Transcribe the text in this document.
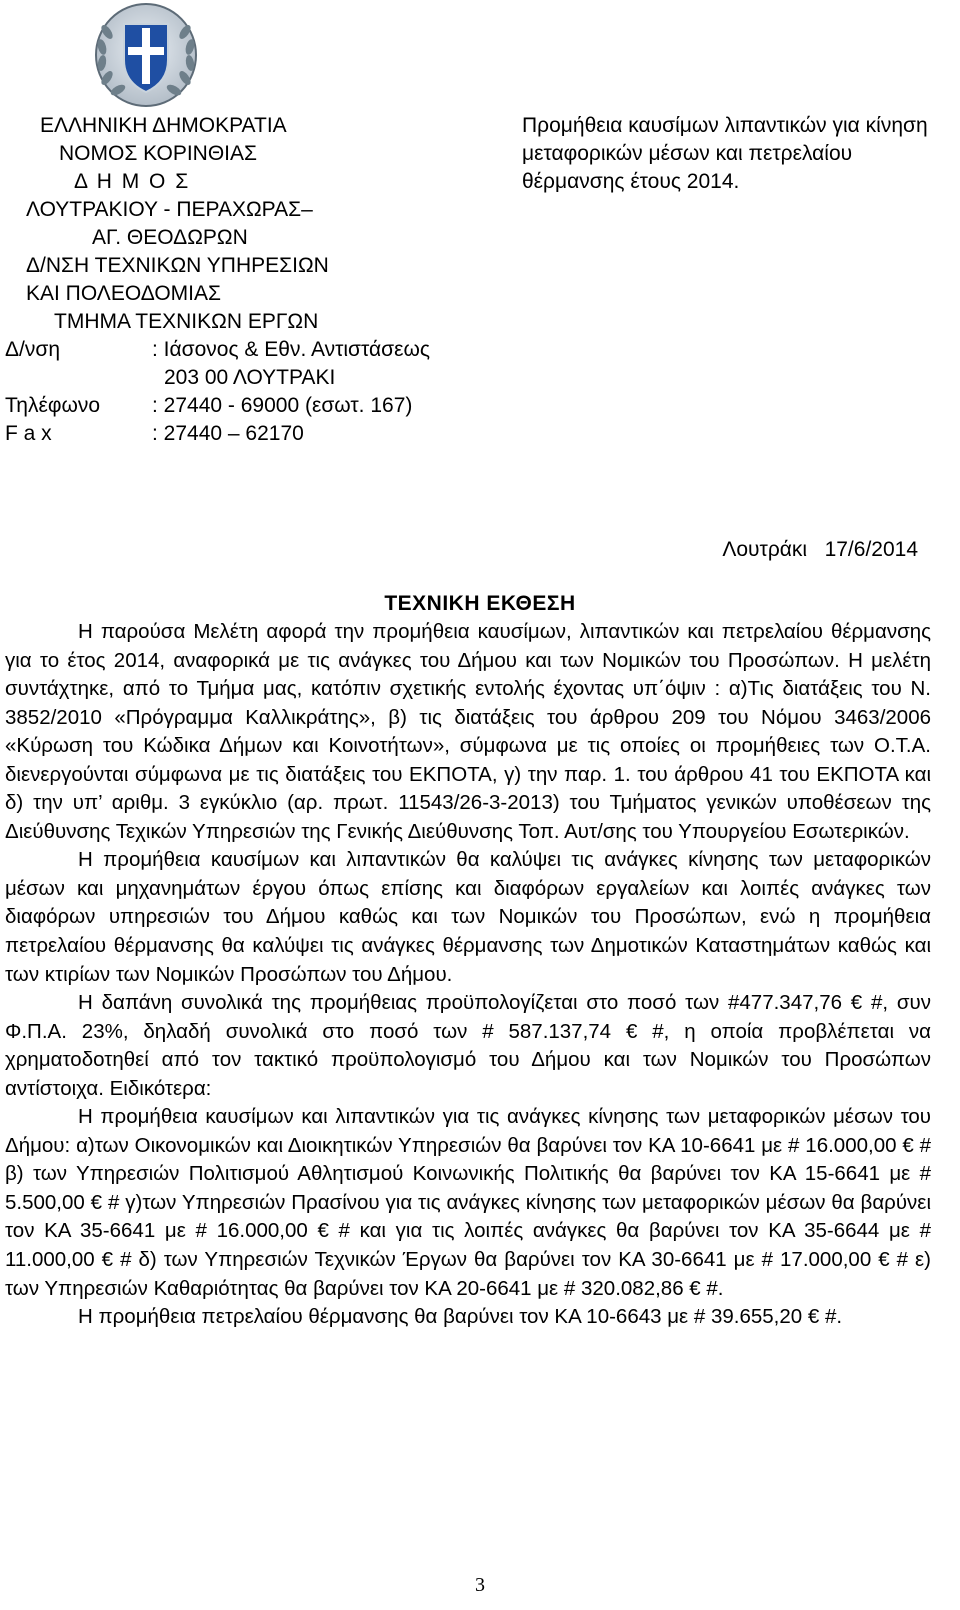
ΕΛΛΗΝΙΚΗ ΔΗΜΟΚΡΑΤΙΑ
ΝΟΜΟΣ ΚΟΡΙΝΘΙΑΣ
Δ Η Μ Ο Σ
ΛΟΥΤΡΑΚΙΟΥ - ΠΕΡΑΧΩΡΑΣ–
ΑΓ. ΘΕΟΔΩΡΩΝ
Δ/ΝΣΗ ΤΕΧΝΙΚΩΝ ΥΠΗΡΕΣΙΩΝ
ΚΑΙ ΠΟΛΕΟΔΟΜΙΑΣ
ΤΜΗΜΑ ΤΕΧΝΙΚΩΝ ΕΡΓΩΝ
Δ/νση	: Ιάσονος & Εθν. Αντιστάσεως
203 00 ΛΟΥΤΡΑΚΙ
Τηλέφωνο : 27440 - 69000 (εσωτ. 167)
F a x	: 27440 – 62170
Προμήθεια καυσίμων λιπαντικών για κίνηση μεταφορικών μέσων και πετρελαίου θέρμανσης έτους 2014.
Λουτράκι   17/6/2014
ΤΕΧΝΙΚΗ ΕΚΘΕΣΗ

Η παρούσα Μελέτη αφορά την προμήθεια καυσίμων, λιπαντικών και πετρελαίου θέρμανσης για το έτος 2014, αναφορικά με τις ανάγκες του Δήμου και των Νομικών του Προσώπων. Η μελέτη συντάχτηκε, από το Τμήμα μας, κατόπιν σχετικής εντολής έχοντας υπ΄όψιν : α)Τις διατάξεις του Ν. 3852/2010 «Πρόγραμμα Καλλικράτης», β) τις διατάξεις του άρθρου 209 του Νόμου 3463/2006 «Κύρωση του Κώδικα Δήμων και Κοινοτήτων», σύμφωνα με τις οποίες οι προμήθειες των Ο.Τ.Α. διενεργούνται σύμφωνα με τις διατάξεις του ΕΚΠΟΤΑ, γ) την παρ. 1. του άρθρου 41 του ΕΚΠΟΤΑ και δ) την υπ’ αριθμ. 3 εγκύκλιο (αρ. πρωτ. 11543/26-3-2013) του Τμήματος γενικών υποθέσεων της Διεύθυνσης Τεχικών Υπηρεσιών της Γενικής Διεύθυνσης Τοπ. Αυτ/σης του Υπουργείου Εσωτερικών.

Η προμήθεια καυσίμων και λιπαντικών θα καλύψει τις ανάγκες κίνησης των μεταφορικών μέσων και μηχανημάτων έργου όπως επίσης και διαφόρων εργαλείων και λοιπές ανάγκες των διαφόρων υπηρεσιών του Δήμου καθώς και των Νομικών του Προσώπων, ενώ η προμήθεια πετρελαίου θέρμανσης θα καλύψει τις ανάγκες θέρμανσης των Δημοτικών Καταστημάτων καθώς και των κτιρίων των Νομικών Προσώπων του Δήμου.

Η δαπάνη συνολικά της προμήθειας προϋπολογίζεται στο ποσό των #477.347,76 € #, συν Φ.Π.Α. 23%, δηλαδή συνολικά στο ποσό των # 587.137,74 € #, η οποία προβλέπεται να χρηματοδοτηθεί από τον τακτικό προϋπολογισμό του Δήμου και των Νομικών του Προσώπων αντίστοιχα. Ειδικότερα:

Η προμήθεια καυσίμων και λιπαντικών για τις ανάγκες κίνησης των μεταφορικών μέσων του Δήμου: α)των Οικονομικών και Διοικητικών Υπηρεσιών θα βαρύνει τον ΚΑ 10-6641 με # 16.000,00 € # β) των Υπηρεσιών Πολιτισμού Αθλητισμού Κοινωνικής Πολιτικής θα βαρύνει τον ΚΑ 15-6641 με # 5.500,00 € # γ)των Υπηρεσιών Πρασίνου για τις ανάγκες κίνησης των μεταφορικών μέσων θα βαρύνει τον ΚΑ 35-6641 με # 16.000,00 € # και για τις λοιπές ανάγκες θα βαρύνει τον ΚΑ 35-6644 με # 11.000,00 € # δ) των Υπηρεσιών Τεχνικών Έργων θα βαρύνει τον ΚΑ 30-6641 με # 17.000,00 € # ε) των Υπηρεσιών Καθαριότητας θα βαρύνει τον ΚΑ 20-6641 με # 320.082,86 € #.

Η προμήθεια πετρελαίου θέρμανσης θα βαρύνει τον ΚΑ 10-6643 με # 39.655,20 € #.

3
